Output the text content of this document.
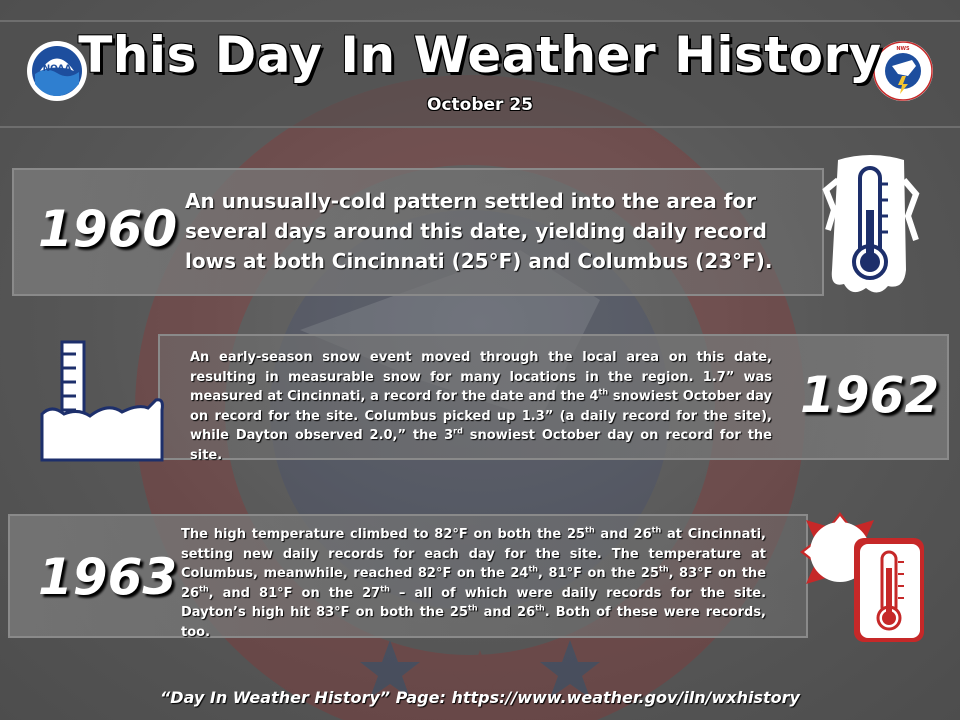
NOAA
NWS
This Day In Weather History
October 25
1960 An unusually-cold pattern settled into the area for several days around this date, yielding daily record lows at both Cincinnati (25°F) and Columbus (23°F).
1962
An early-season snow event moved through the local area on this date, resulting in measurable snow for many locations in the region. 1.7” was measured at Cincinnati, a record for the date and the 4th snowiest October day on record for the site. Columbus picked up 1.3” (a daily record for the site), while Dayton observed 2.0,” the 3rd snowiest October day on record for the site.
1963
The high temperature climbed to 82°F on both the 25th and 26th at Cincinnati, setting new daily records for each day for the site. The temperature at Columbus, meanwhile, reached 82°F on the 24th, 81°F on the 25th, 83°F on the 26th, and 81°F on the 27th – all of which were daily records for the site. Dayton’s high hit 83°F on both the 25th and 26th. Both of these were records, too.
“Day In Weather History” Page: https://www.weather.gov/iln/wxhistory
